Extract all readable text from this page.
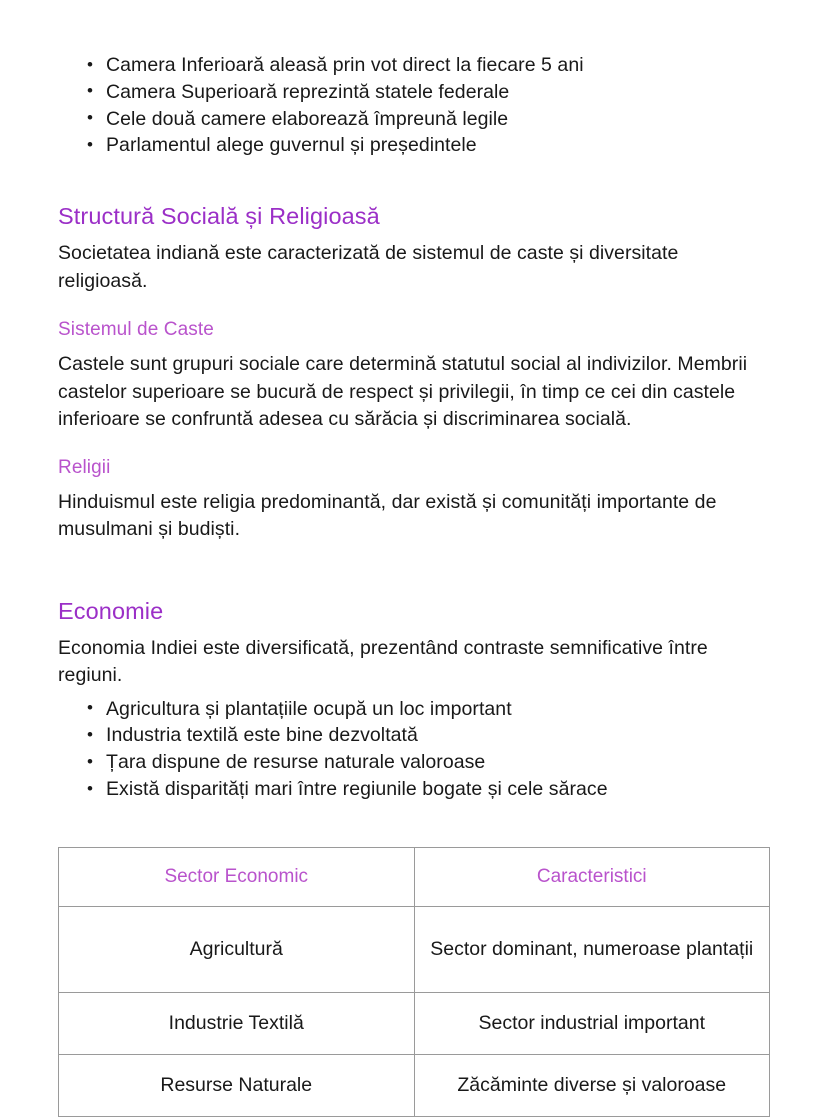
• Camera Inferioară aleasă prin vot direct la fiecare 5 ani
• Camera Superioară reprezintă statele federale
• Cele două camere elaborează împreună legile
• Parlamentul alege guvernul și președintele
Structură Socială și Religioasă

Societatea indiană este caracterizată de sistemul de caste și diversitate religioasă.

Sistemul de Caste

Castele sunt grupuri sociale care determină statutul social al indivizilor. Membrii castelor superioare se bucură de respect și privilegii, în timp ce cei din castele inferioare se confruntă adesea cu sărăcia și discriminarea socială.

Religii

Hinduismul este religia predominantă, dar există și comunități importante de musulmani și budiști.

Economie

Economia Indiei este diversificată, prezentând contraste semnificative între regiuni.

• Agricultura și plantațiile ocupă un loc important
• Industria textilă este bine dezvoltată
• Țara dispune de resurse naturale valoroase
• Există disparități mari între regiunile bogate și cele sărace
Sector Economic	Caracteristici
Agricultură	Sector dominant, numeroase plantații
Industrie Textilă	Sector industrial important
Resurse Naturale	Zăcăminte diverse și valoroase
